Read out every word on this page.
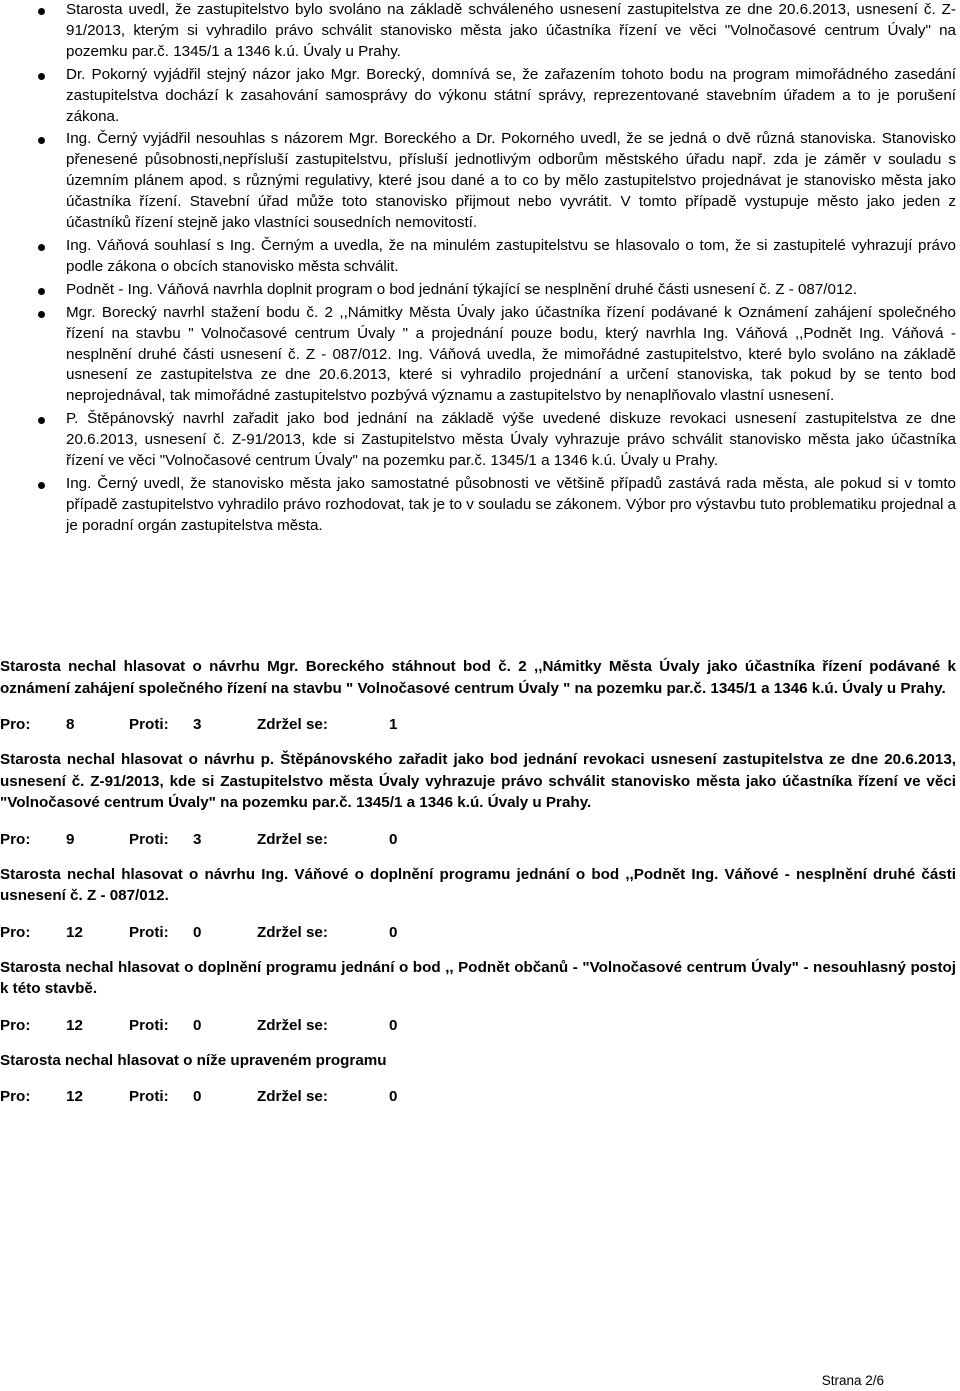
Starosta uvedl, že zastupitelstvo bylo svoláno na základě schváleného usnesení zastupitelstva ze dne 20.6.2013, usnesení č. Z-91/2013, kterým si vyhradilo právo schválit stanovisko města jako účastníka řízení ve věci "Volnočasové centrum Úvaly" na pozemku par.č. 1345/1 a 1346 k.ú. Úvaly u Prahy.
Dr. Pokorný vyjádřil stejný názor jako Mgr. Borecký, domnívá se, že zařazením tohoto bodu na program mimořádného zasedání zastupitelstva dochází k zasahování samosprávy do výkonu státní správy, reprezentované stavebním úřadem a to je porušení zákona.
Ing. Černý vyjádřil nesouhlas s názorem Mgr. Boreckého a Dr. Pokorného uvedl, že se jedná o dvě různá stanoviska. Stanovisko přenesené působnosti,nepřísluší zastupitelstvu, přísluší jednotlivým odborům městského úřadu např. zda je záměr v souladu s územním plánem apod. s různými regulativy, které jsou dané a to co by mělo zastupitelstvo projednávat je stanovisko města jako účastníka řízení. Stavební úřad může toto stanovisko přijmout nebo vyvrátit. V tomto případě vystupuje město jako jeden z účastníků řízení stejně jako vlastníci sousedních nemovitostí.
Ing. Váňová souhlasí s Ing. Černým a uvedla, že na minulém zastupitelstvu se hlasovalo o tom, že si zastupitelé vyhrazují právo podle zákona o obcích stanovisko města schválit.
Podnět - Ing. Váňová navrhla doplnit program o bod jednání týkající se nesplnění druhé části usnesení č. Z - 087/012.
Mgr. Borecký navrhl stažení bodu č. 2 ,,Námitky Města Úvaly jako účastníka řízení podávané k Oznámení zahájení společného řízení na stavbu " Volnočasové centrum Úvaly " a projednání pouze bodu, který navrhla Ing. Váňová ,,Podnět Ing. Váňová - nesplnění druhé části usnesení č. Z - 087/012. Ing. Váňová uvedla, že mimořádné zastupitelstvo, které bylo svoláno na základě usnesení ze zastupitelstva ze dne 20.6.2013, které si vyhradilo projednání a určení stanoviska, tak pokud by se tento bod neprojednával, tak mimořádné zastupitelstvo pozbývá významu a zastupitelstvo by nenaplňovalo vlastní usnesení.
P. Štěpánovský navrhl zařadit jako bod jednání na základě výše uvedené diskuze revokaci usnesení zastupitelstva ze dne 20.6.2013, usnesení č. Z-91/2013, kde si Zastupitelstvo města Úvaly vyhrazuje právo schválit stanovisko města jako účastníka řízení ve věci "Volnočasové centrum Úvaly" na pozemku par.č. 1345/1 a 1346 k.ú. Úvaly u Prahy.
Ing. Černý uvedl, že stanovisko města jako samostatné působnosti ve většině případů zastává rada města, ale pokud si v tomto případě zastupitelstvo vyhradilo právo rozhodovat, tak je to v souladu se zákonem. Výbor pro výstavbu tuto problematiku projednal a je poradní orgán zastupitelstva města.

Starosta nechal hlasovat o návrhu Mgr. Boreckého stáhnout bod č. 2 ,,Námitky Města Úvaly jako účastníka řízení podávané k oznámení zahájení společného řízení na stavbu " Volnočasové centrum Úvaly " na pozemku par.č. 1345/1 a 1346 k.ú. Úvaly u Prahy.

Pro: 8	Proti: 3	Zdržel se:	1

Starosta nechal hlasovat o návrhu p. Štěpánovského zařadit jako bod jednání revokaci usnesení zastupitelstva ze dne 20.6.2013, usnesení č. Z-91/2013, kde si Zastupitelstvo města Úvaly vyhrazuje právo schválit stanovisko města jako účastníka řízení ve věci "Volnočasové centrum Úvaly" na pozemku par.č. 1345/1 a 1346 k.ú. Úvaly u Prahy.

Pro: 9	Proti: 3	Zdržel se:	0

Starosta nechal hlasovat o návrhu Ing. Váňové o doplnění programu jednání o bod ,,Podnět Ing. Váňové - nesplnění druhé části usnesení č. Z - 087/012.

Pro: 12	Proti: 0	Zdržel se:	0

Starosta nechal hlasovat o doplnění programu jednání o bod ,, Podnět občanů - "Volnočasové centrum Úvaly" - nesouhlasný postoj k této stavbě.

Pro: 12	Proti: 0	Zdržel se:	0

Starosta nechal hlasovat o níže upraveném programu

Pro: 12	Proti: 0	Zdržel se:	0
Strana 2/6
